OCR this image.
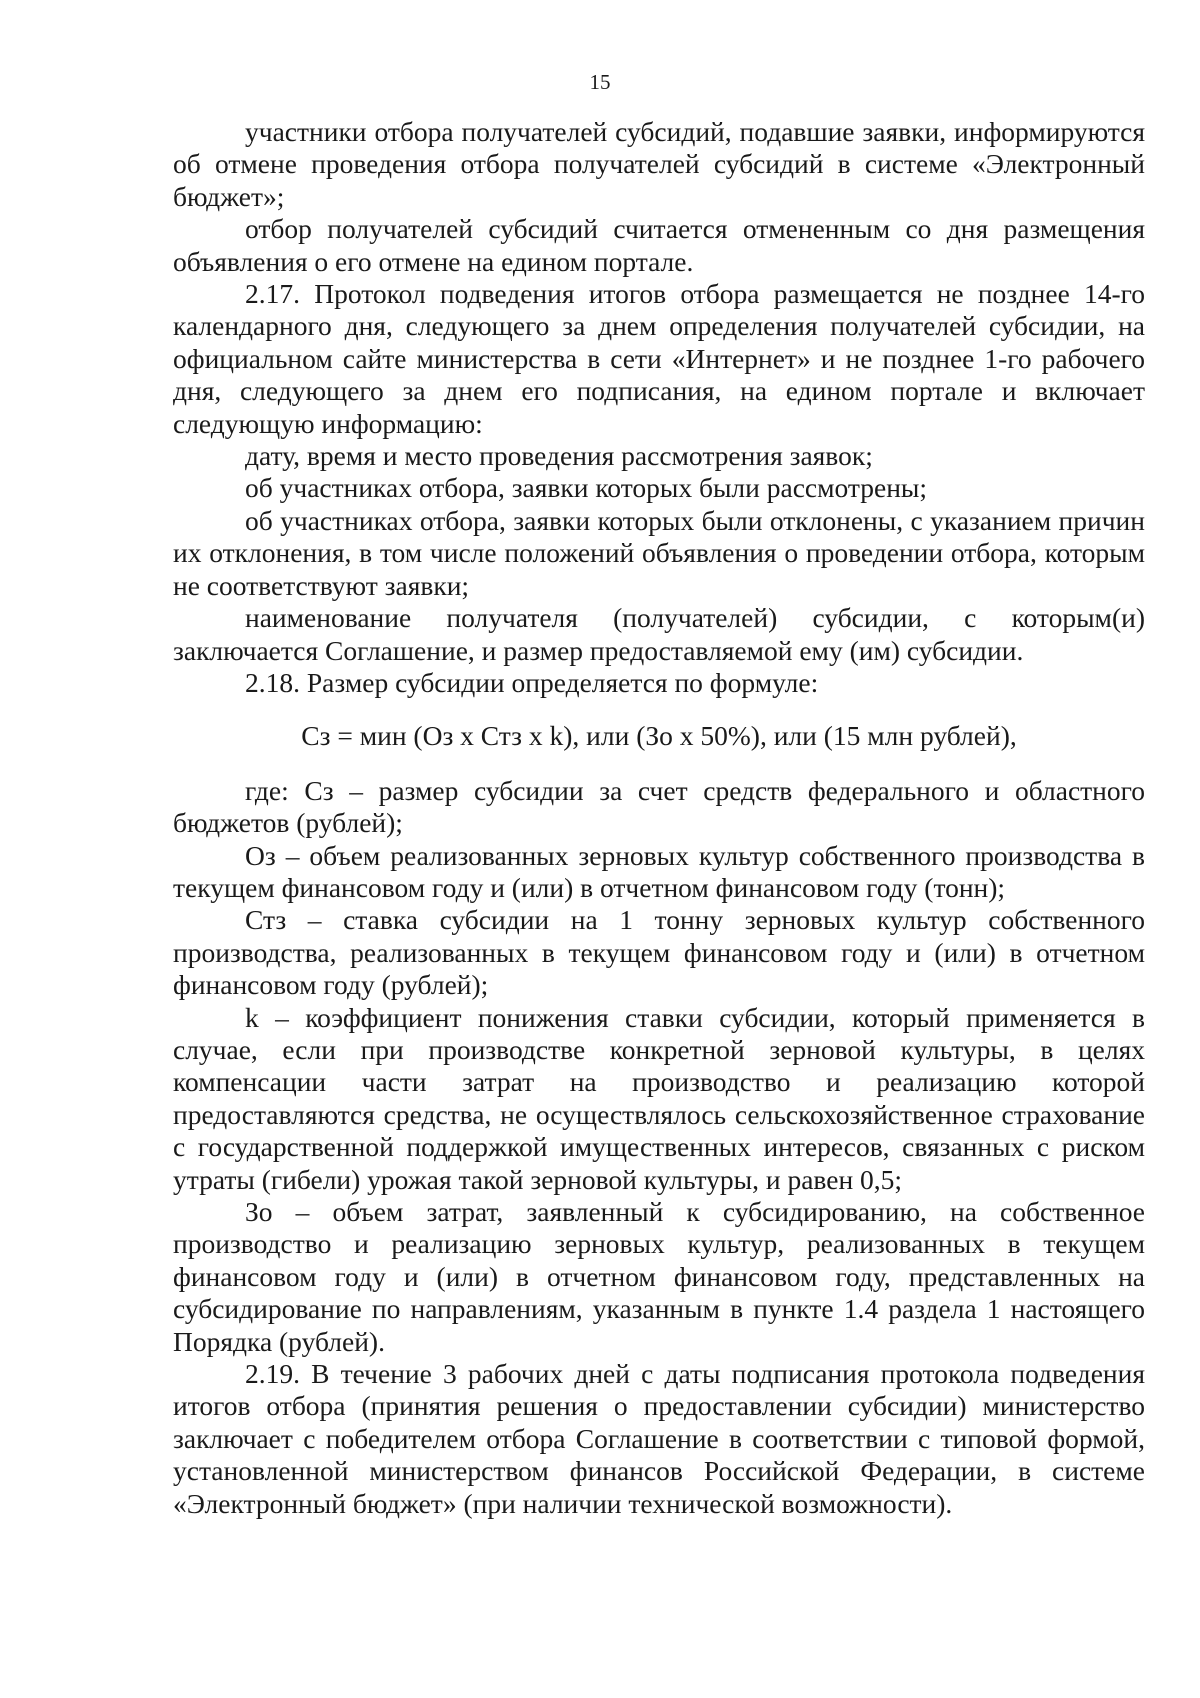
15

участники отбора получателей субсидий, подавшие заявки, информируются об отмене проведения отбора получателей субсидий в системе «Электронный бюджет»;

отбор получателей субсидий считается отмененным со дня размещения объявления о его отмене на едином портале.

2.17. Протокол подведения итогов отбора размещается не позднее 14-го календарного дня, следующего за днем определения получателей субсидии, на официальном сайте министерства в сети «Интернет» и не позднее 1-го рабочего дня, следующего за днем его подписания, на едином портале и включает следующую информацию:

дату, время и место проведения рассмотрения заявок;

об участниках отбора, заявки которых были рассмотрены;

об участниках отбора, заявки которых были отклонены, с указанием причин их отклонения, в том числе положений объявления о проведении отбора, которым не соответствуют заявки;

наименование получателя (получателей) субсидии, с которым(и) заключается Соглашение, и размер предоставляемой ему (им) субсидии.

2.18. Размер субсидии определяется по формуле:

Сз = мин (Оз х Стз х k), или (Зо х 50%), или (15 млн рублей),

где: Сз – размер субсидии за счет средств федерального и областного бюджетов (рублей);

Оз – объем реализованных зерновых культур собственного производства в текущем финансовом году и (или) в отчетном финансовом году (тонн);

Стз – ставка субсидии на 1 тонну зерновых культур собственного производства, реализованных в текущем финансовом году и (или) в отчетном финансовом году (рублей);

k – коэффициент понижения ставки субсидии, который применяется в случае, если при производстве конкретной зерновой культуры, в целях компенсации части затрат на производство и реализацию которой предоставляются средства, не осуществлялось сельскохозяйственное страхование с государственной поддержкой имущественных интересов, связанных с риском утраты (гибели) урожая такой зерновой культуры, и равен 0,5;

Зо – объем затрат, заявленный к субсидированию, на собственное производство и реализацию зерновых культур, реализованных в текущем финансовом году и (или) в отчетном финансовом году, представленных на субсидирование по направлениям, указанным в пункте 1.4 раздела 1 настоящего Порядка (рублей).

2.19. В течение 3 рабочих дней с даты подписания протокола подведения итогов отбора (принятия решения о предоставлении субсидии) министерство заключает с победителем отбора Соглашение в соответствии с типовой формой, установленной министерством финансов Российской Федерации, в системе «Электронный бюджет» (при наличии технической возможности).
